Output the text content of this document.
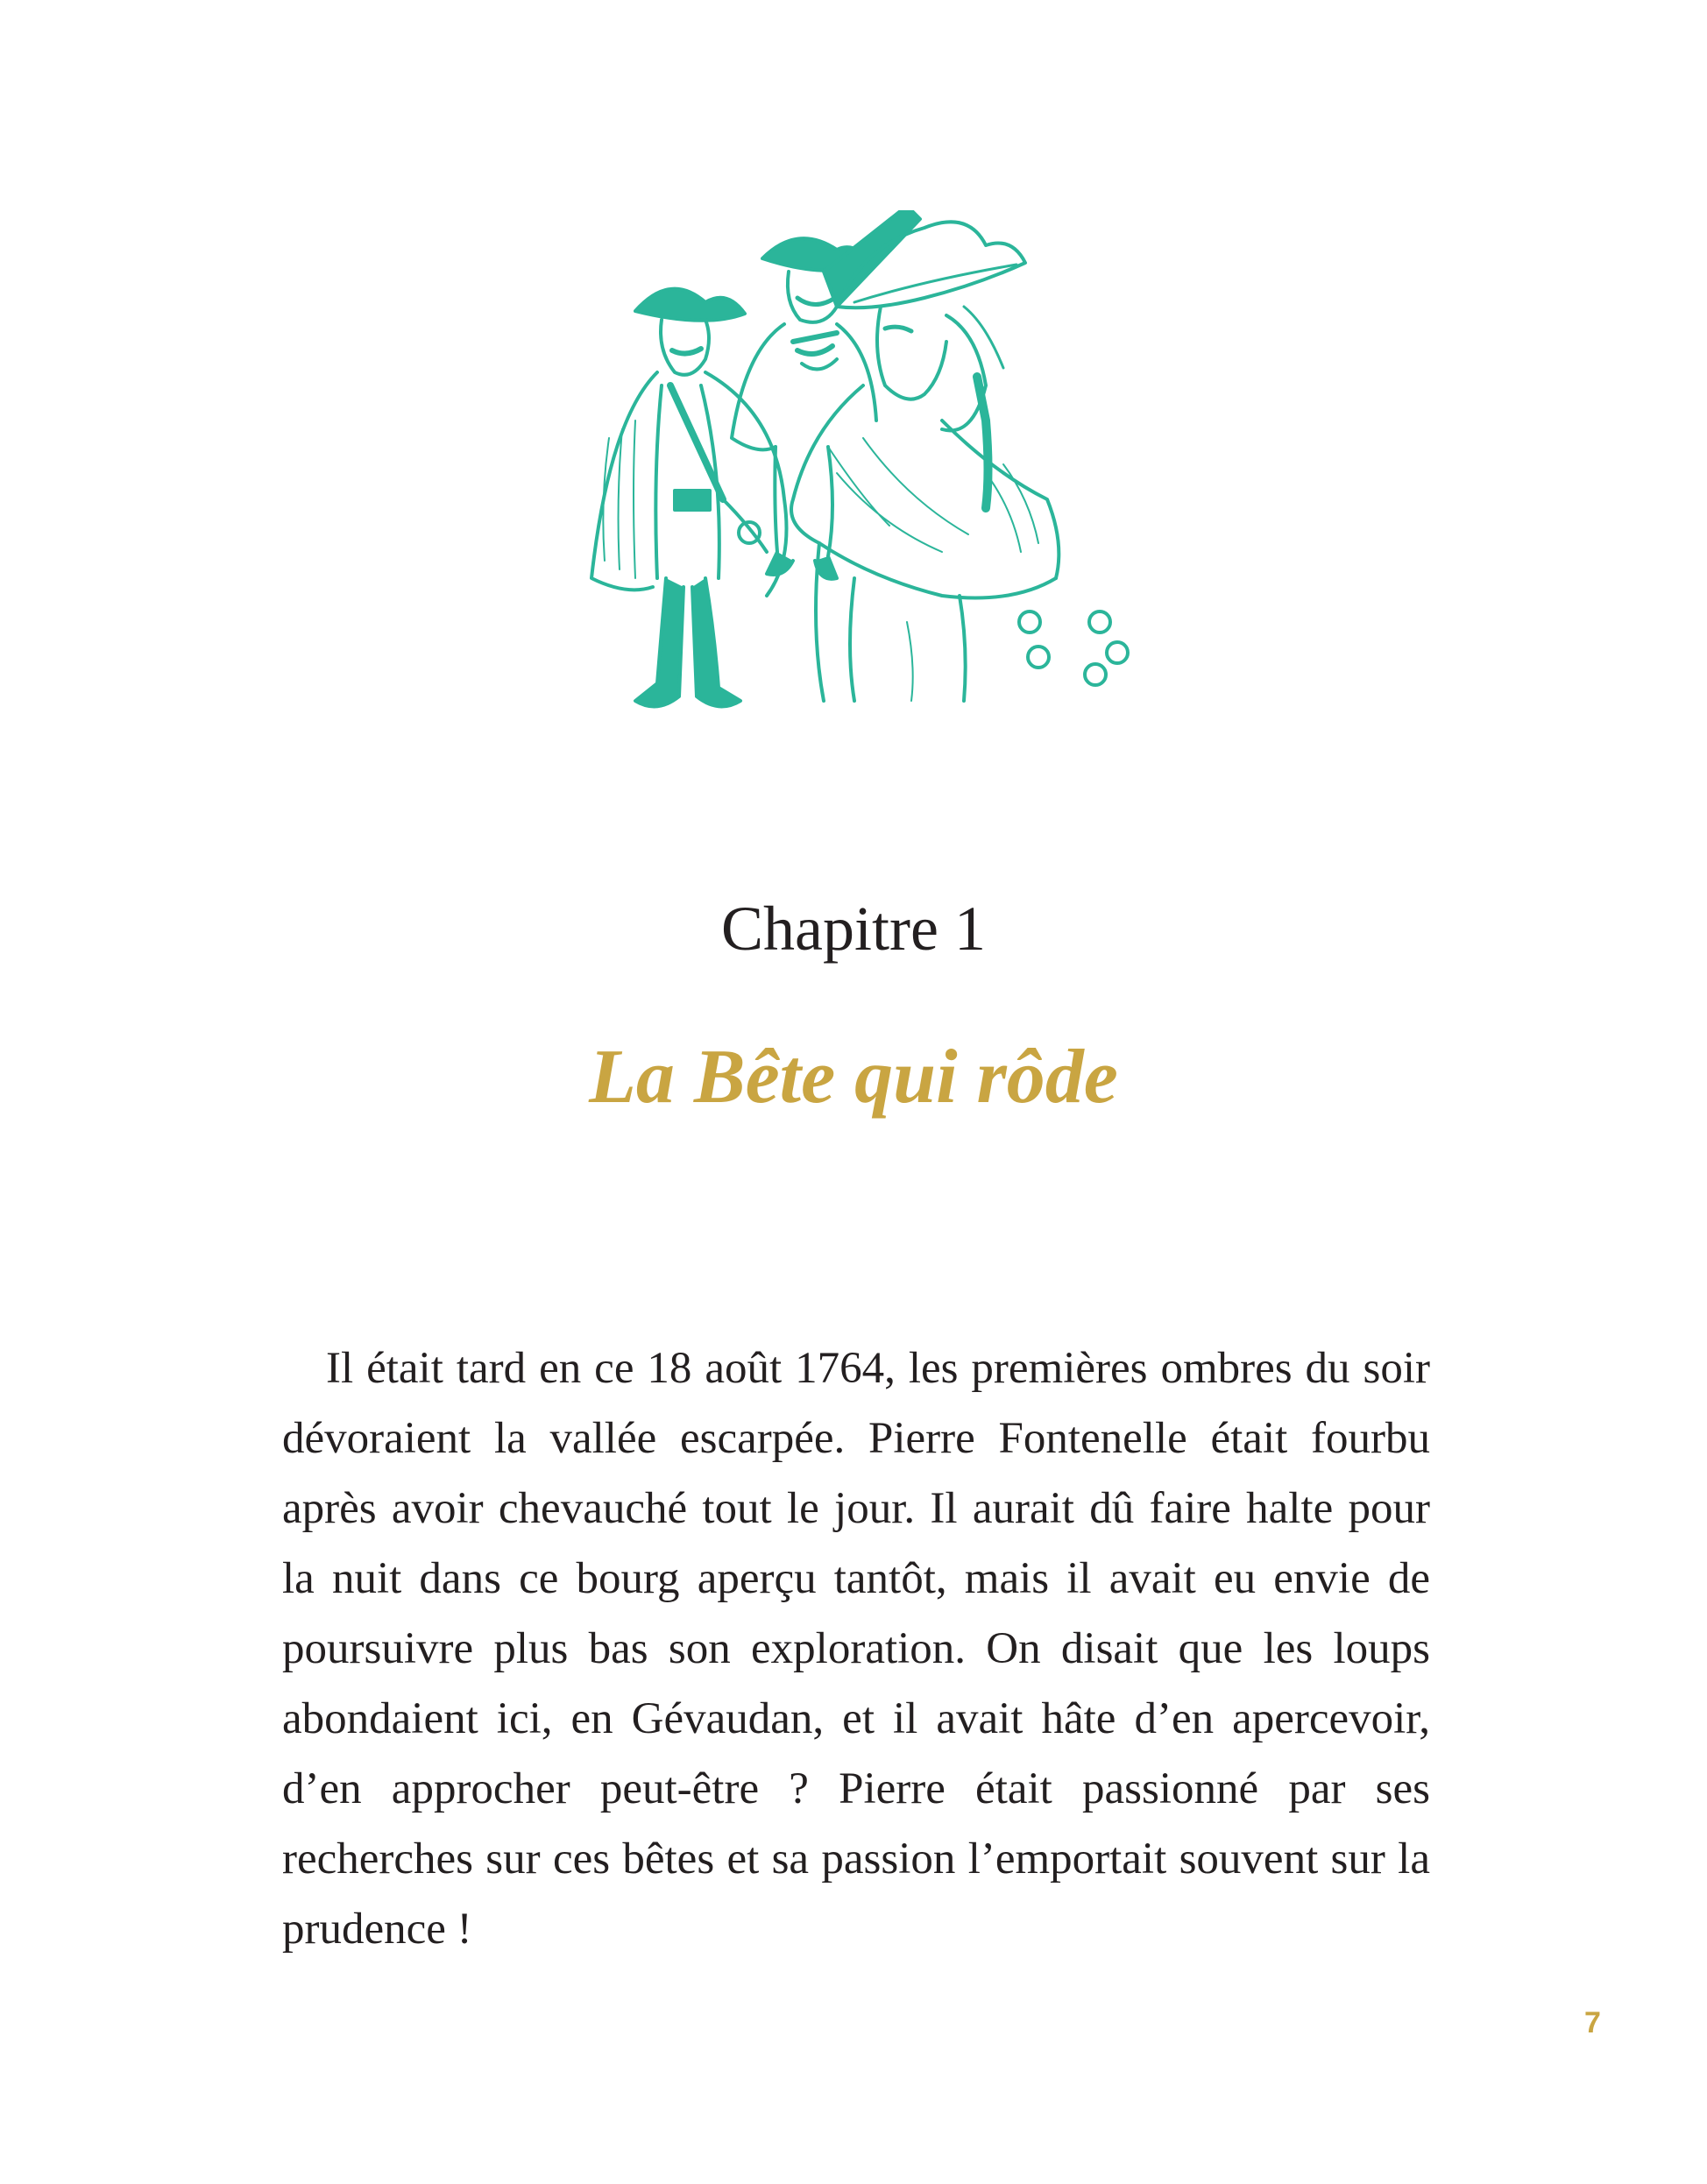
Chapitre 1
La Bête qui rôde
Il était tard en ce 18 août 1764, les premières ombres du soir
dévoraient la vallée escarpée. Pierre Fontenelle était fourbu
après avoir chevauché tout le jour. Il aurait dû faire halte pour
la nuit dans ce bourg aperçu tantôt, mais il avait eu envie de
poursuivre plus bas son exploration. On disait que les loups
abondaient ici, en Gévaudan, et il avait hâte d’en apercevoir,
d’en approcher peut-être ? Pierre était passionné par ses
recherches sur ces bêtes et sa passion l’emportait souvent sur la
prudence !
7
